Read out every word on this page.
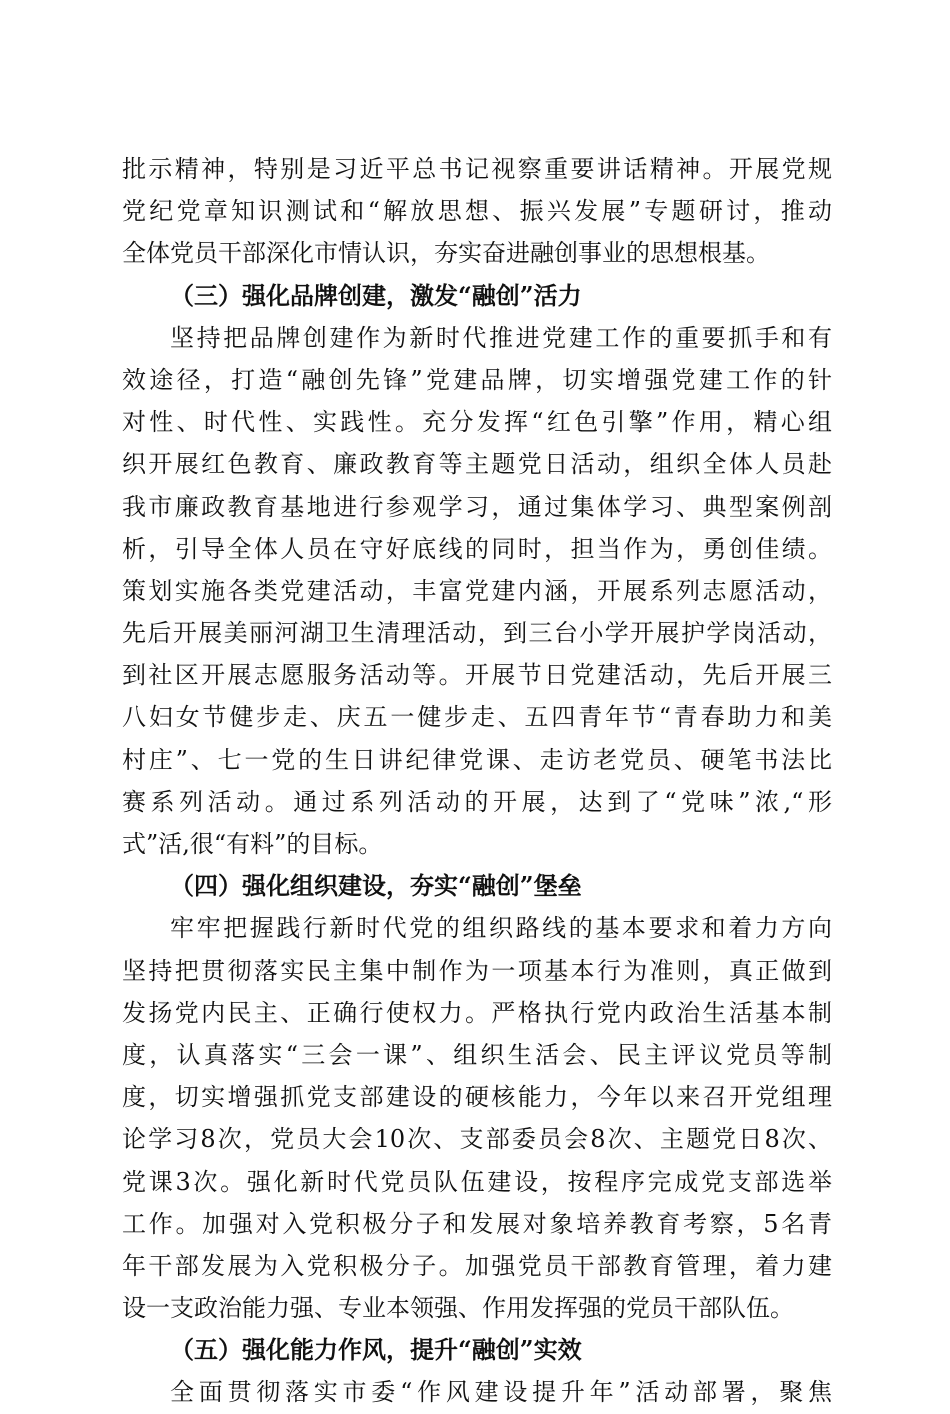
批示精神，特别是习近平总书记视察重要讲话精神。开展党规
党纪党章知识测试和“解放思想、振兴发展”专题研讨，推动
全体党员干部深化市情认识，夯实奋进融创事业的思想根基。
（三）强化品牌创建，激发“融创”活力
坚持把品牌创建作为新时代推进党建工作的重要抓手和有
效途径，打造“融创先锋”党建品牌，切实增强党建工作的针
对性、时代性、实践性。充分发挥“红色引擎”作用，精心组
织开展红色教育、廉政教育等主题党日活动，组织全体人员赴
我市廉政教育基地进行参观学习，通过集体学习、典型案例剖
析，引导全体人员在守好底线的同时，担当作为，勇创佳绩。
策划实施各类党建活动，丰富党建内涵，开展系列志愿活动，
先后开展美丽河湖卫生清理活动，到三台小学开展护学岗活动，
到社区开展志愿服务活动等。开展节日党建活动，先后开展三
八妇女节健步走、庆五一健步走、五四青年节“青春助力和美
村庄”、七一党的生日讲纪律党课、走访老党员、硬笔书法比
赛系列活动。通过系列活动的开展，达到了“党味”浓,“形
式”活,很“有料”的目标。
（四）强化组织建设，夯实“融创”堡垒
牢牢把握践行新时代党的组织路线的基本要求和着力方向
坚持把贯彻落实民主集中制作为一项基本行为准则，真正做到
发扬党内民主、正确行使权力。严格执行党内政治生活基本制
度，认真落实“三会一课”、组织生活会、民主评议党员等制
度，切实增强抓党支部建设的硬核能力，今年以来召开党组理
论学习8次，党员大会10次、支部委员会8次、主题党日8次、
党课3次。强化新时代党员队伍建设，按程序完成党支部选举
工作。加强对入党积极分子和发展对象培养教育考察，5名青
年干部发展为入党积极分子。加强党员干部教育管理，着力建
设一支政治能力强、专业本领强、作用发挥强的党员干部队伍。
（五）强化能力作风，提升“融创”实效
全面贯彻落实市委“作风建设提升年”活动部署，聚焦
